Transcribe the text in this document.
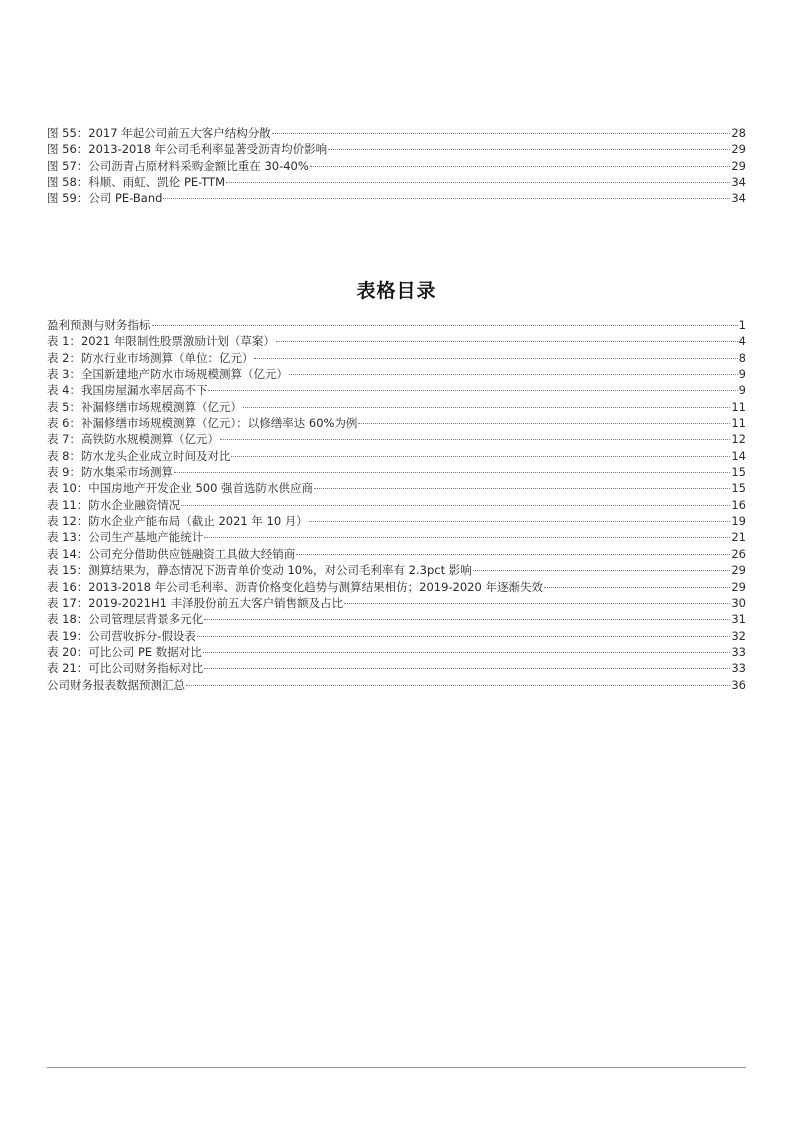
图 55：2017 年起公司前五大客户结构分散	28
图 56：2013-2018 年公司毛利率显著受沥青均价影响	29
图 57：公司沥青占原材料采购金额比重在 30-40%	29
图 58：科顺、雨虹、凯伦 PE-TTM	34
图 59：公司 PE-Band	34
表格目录
盈利预测与财务指标	1
表 1：2021 年限制性股票激励计划（草案）	4
表 2：防水行业市场测算（单位：亿元）	8
表 3：全国新建地产防水市场规模测算（亿元）	9
表 4：我国房屋漏水率居高不下	9
表 5：补漏修缮市场规模测算（亿元）	11
表 6：补漏修缮市场规模测算（亿元）：以修缮率达 60%为例	11
表 7：高铁防水规模测算（亿元）	12
表 8：防水龙头企业成立时间及对比	14
表 9：防水集采市场测算	15
表 10：中国房地产开发企业 500 强首选防水供应商	15
表 11：防水企业融资情况	16
表 12：防水企业产能布局（截止 2021 年 10 月）	19
表 13：公司生产基地产能统计	21
表 14：公司充分借助供应链融资工具做大经销商	26
表 15：测算结果为，静态情况下沥青单价变动 10%，对公司毛利率有 2.3pct 影响	29
表 16：2013-2018 年公司毛利率、沥青价格变化趋势与测算结果相仿；2019-2020 年逐渐失效	29
表 17：2019-2021H1 丰泽股份前五大客户销售额及占比	30
表 18：公司管理层背景多元化	31
表 19：公司营收拆分-假设表	32
表 20：可比公司 PE 数据对比	33
表 21：可比公司财务指标对比	33
公司财务报表数据预测汇总	36
